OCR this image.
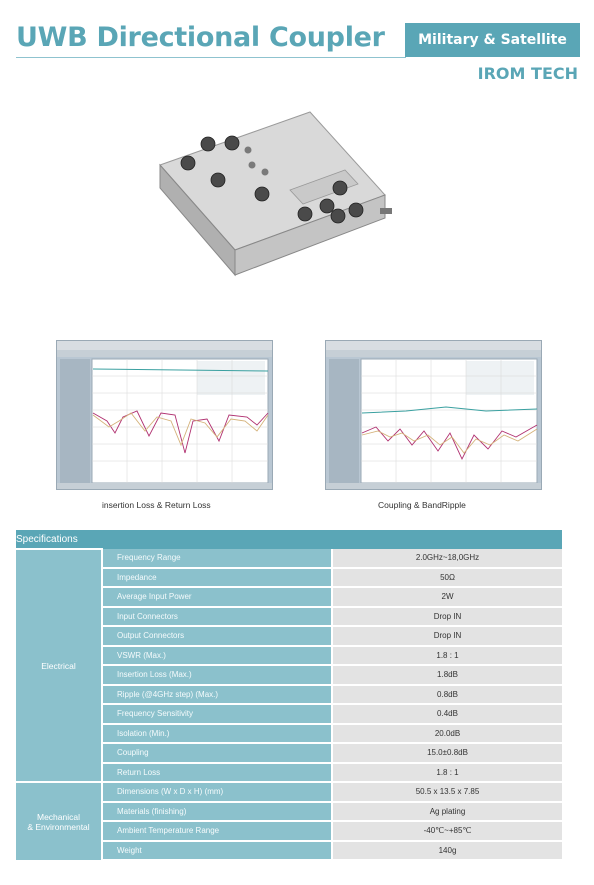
UWB Directional Coupler	Military & Satellite
IROM TECH
insertion Loss & Return Loss	Coupling & BandRipple
Specifications		
Electrical	Frequency Range	2.0GHz~18,0GHz
	Impedance	50Ω
	Average Input Power	2W
	Input Connectors	Drop IN
	Output Connectors	Drop IN
	VSWR (Max.)	1.8 : 1
	Insertion Loss (Max.)	1.8dB
	Ripple (@4GHz step) (Max.)	0.8dB
	Frequency Sensitivity	0.4dB
	Isolation (Min.)	20.0dB
	Coupling	15.0±0.8dB
	Return Loss	1.8 : 1
Mechanical
& Environmental	Dimensions (W x D x H) (mm)	50.5 x 13.5 x 7.85
	Materials (finishing)	Ag plating
	Ambient Temperature Range	-40℃~+85℃
	Weight	140g
